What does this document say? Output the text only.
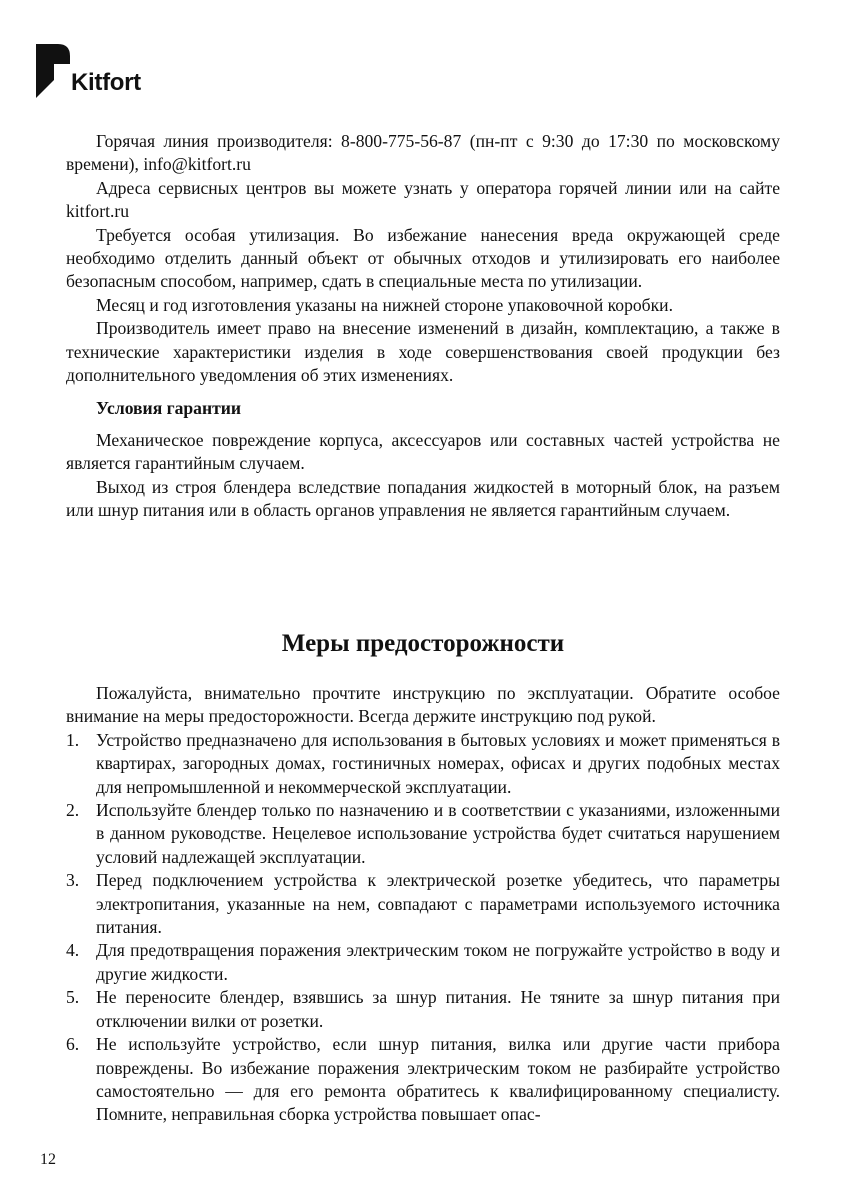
Kitfort

Горячая линия производителя: 8-800-775-56-87 (пн-пт с 9:30 до 17:30 по московскому времени), info@kitfort.ru

Адреса сервисных центров вы можете узнать у оператора горячей линии или на сайте kitfort.ru

Требуется особая утилизация. Во избежание нанесения вреда окружающей среде необходимо отделить данный объект от обычных отходов и утилизировать его наиболее безопасным способом, например, сдать в специальные места по утилизации.

Месяц и год изготовления указаны на нижней стороне упаковочной коробки.

Производитель имеет право на внесение изменений в дизайн, комплектацию, а также в технические характеристики изделия в ходе совершенствования своей продукции без дополнительного уведомления об этих изменениях.

Условия гарантии

Механическое повреждение корпуса, аксессуаров или составных частей устройства не является гарантийным случаем.

Выход из строя блендера вследствие попадания жидкостей в моторный блок, на разъем или шнур питания или в область органов управления не является гарантийным случаем.

Меры предосторожности

Пожалуйста, внимательно прочтите инструкцию по эксплуатации. Обратите особое внимание на меры предосторожности. Всегда держите инструкцию под рукой.

1. Устройство предназначено для использования в бытовых условиях и может применяться в квартирах, загородных домах, гостиничных номерах, офисах и других подобных местах для непромышленной и некоммерческой эксплуатации.
2. Используйте блендер только по назначению и в соответствии с указаниями, изложенными в данном руководстве. Нецелевое использование устройства будет считаться нарушением условий надлежащей эксплуатации.
3. Перед подключением устройства к электрической розетке убедитесь, что параметры электропитания, указанные на нем, совпадают с параметрами используемого источника питания.
4. Для предотвращения поражения электрическим током не погружайте устройство в воду и другие жидкости.
5. Не переносите блендер, взявшись за шнур питания. Не тяните за шнур питания при отключении вилки от розетки.
6. Не используйте устройство, если шнур питания, вилка или другие части прибора повреждены. Во избежание поражения электрическим током не разбирайте устройство самостоятельно — для его ремонта обратитесь к квалифицированному специалисту. Помните, неправильная сборка устройства повышает опас-
12
